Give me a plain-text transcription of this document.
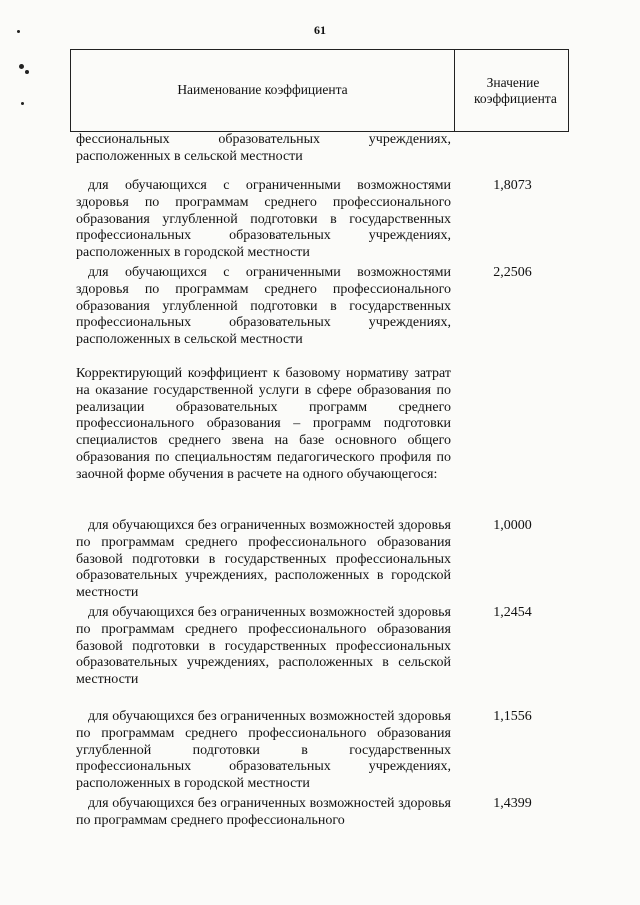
61
Наименование коэффициента	Значение коэффициента

фессиональных образовательных учреждениях, расположенных в сельской местности

для обучающихся с ограниченными возможностями здоровья по программам среднего профессионального образования углубленной подготовки в государственных профессиональных образовательных учреждениях, расположенных в городской местности

1,8073

для обучающихся с ограниченными возможностями здоровья по программам среднего профессионального образования углубленной подготовки в государственных профессиональных образовательных учреждениях, расположенных в сельской местности

2,2506

Корректирующий коэффициент к базовому нормативу затрат на оказание государственной услуги в сфере образования по реализации образовательных программ среднего профессионального образования – программ подготовки специалистов среднего звена на базе основного общего образования по специальностям педагогического профиля по заочной форме обучения в расчете на одного обучающегося:

для обучающихся без ограниченных возможностей здоровья по программам среднего профессионального образования базовой подготовки в государственных профессиональных образовательных учреждениях, расположенных в городской местности

1,0000

для обучающихся без ограниченных возможностей здоровья по программам среднего профессионального образования базовой подготовки в государственных профессиональных образовательных учреждениях, расположенных в сельской местности

1,2454

для обучающихся без ограниченных возможностей здоровья по программам среднего профессионального образования углубленной подготовки в государственных профессиональных образовательных учреждениях, расположенных в городской местности

1,1556

для обучающихся без ограниченных возможностей здоровья по программам среднего профессионального

1,4399
